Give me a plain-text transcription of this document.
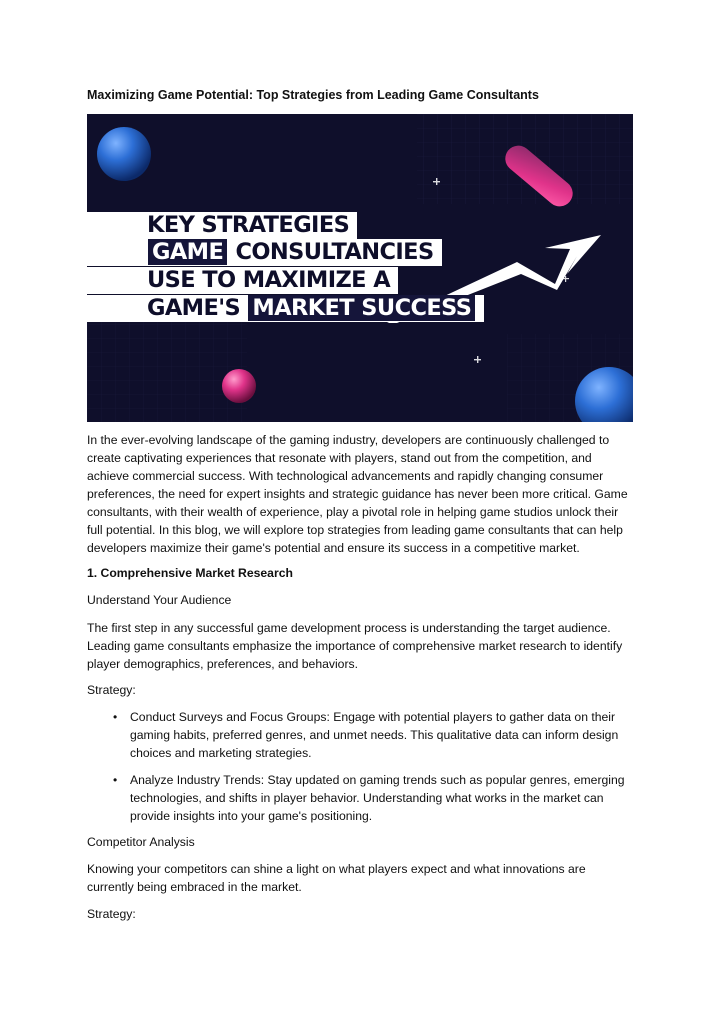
Maximizing Game Potential: Top Strategies from Leading Game Consultants
KEY STRATEGIES
GAME CONSULTANCIES
USE TO MAXIMIZE A
GAME'S MARKET SUCCESS

In the ever-evolving landscape of the gaming industry, developers are continuously challenged to create captivating experiences that resonate with players, stand out from the competition, and achieve commercial success. With technological advancements and rapidly changing consumer preferences, the need for expert insights and strategic guidance has never been more critical. Game consultants, with their wealth of experience, play a pivotal role in helping game studios unlock their full potential. In this blog, we will explore top strategies from leading game consultants that can help developers maximize their game's potential and ensure its success in a competitive market.

1. Comprehensive Market Research

Understand Your Audience

The first step in any successful game development process is understanding the target audience. Leading game consultants emphasize the importance of comprehensive market research to identify player demographics, preferences, and behaviors.

Strategy:

• Conduct Surveys and Focus Groups: Engage with potential players to gather data on their gaming habits, preferred genres, and unmet needs. This qualitative data can inform design choices and marketing strategies.
• Analyze Industry Trends: Stay updated on gaming trends such as popular genres, emerging technologies, and shifts in player behavior. Understanding what works in the market can provide insights into your game's positioning.

Competitor Analysis

Knowing your competitors can shine a light on what players expect and what innovations are currently being embraced in the market.

Strategy:
